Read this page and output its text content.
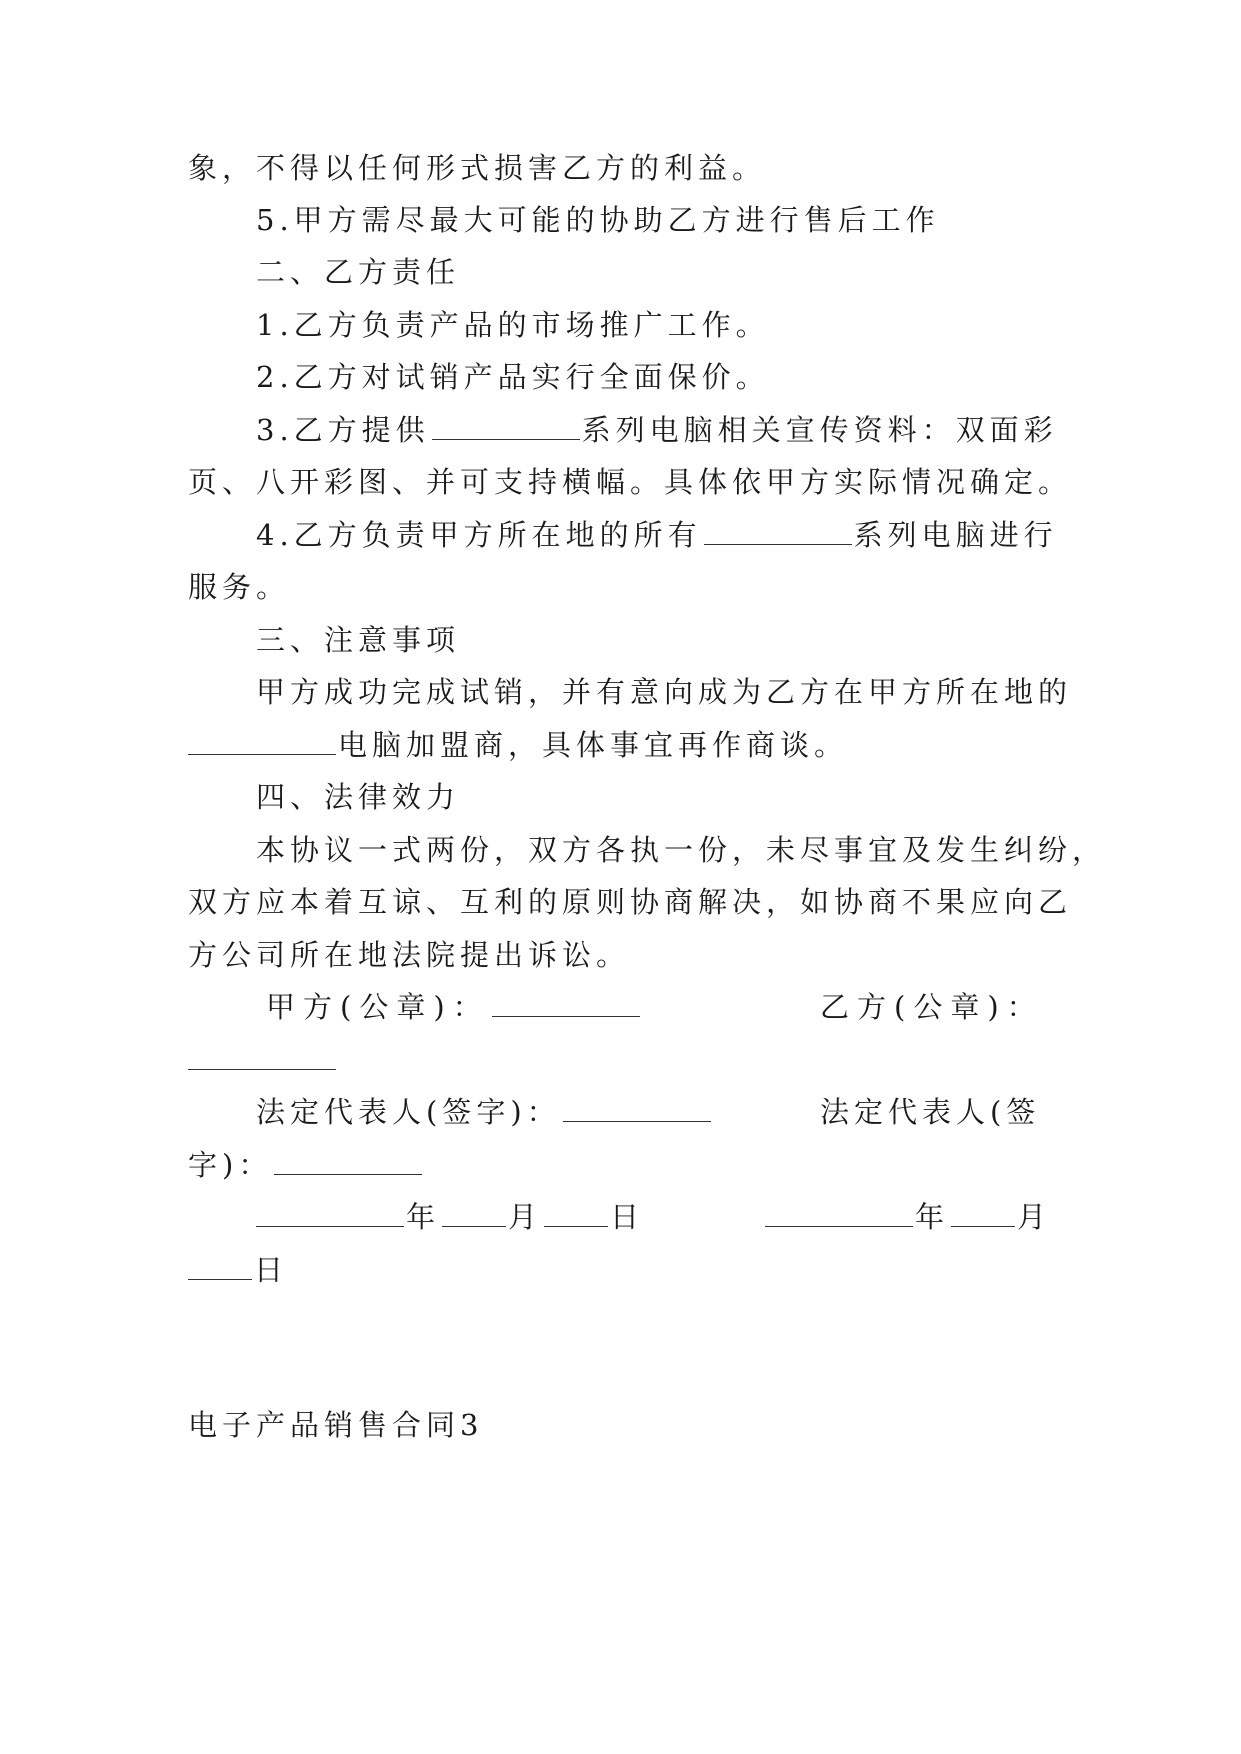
象，不得以任何形式损害乙方的利益。
5.甲方需尽最大可能的协助乙方进行售后工作
二、乙方责任
1.乙方负责产品的市场推广工作。
2.乙方对试销产品实行全面保价。
3.乙方提供	系列电脑相关宣传资料：双面彩
页、八开彩图、并可支持横幅。具体依甲方实际情况确定。
4.乙方负责甲方所在地的所有	系列电脑进行
服务。
三、注意事项
甲方成功完成试销，并有意向成为乙方在甲方所在地的
电脑加盟商，具体事宜再作商谈。
四、法律效力
本协议一式两份，双方各执一份，未尽事宜及发生纠纷，
双方应本着互谅、互利的原则协商解决，如协商不果应向乙
方公司所在地法院提出诉讼。
甲方(公章)：	乙方(公章)：
法定代表人(签字)：	法定代表人(签
字)：
年 月 日	年 月
日
电子产品销售合同3
